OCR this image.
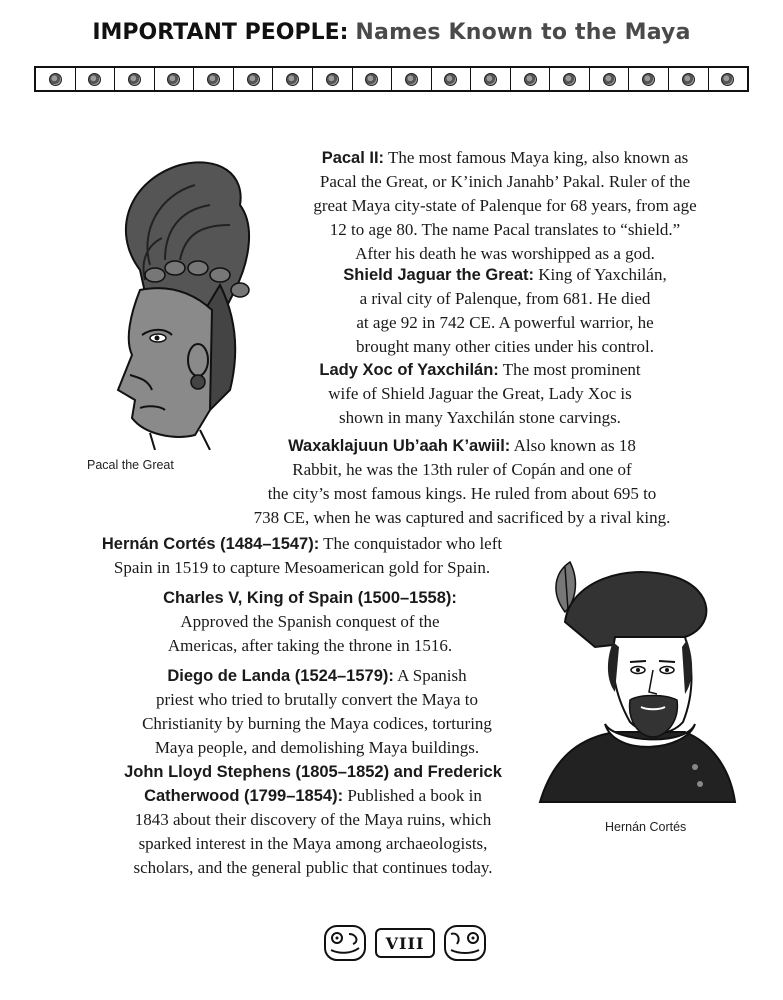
IMPORTANT PEOPLE: Names Known to the Maya
Pacal the Great
Hernán Cortés
Pacal II: The most famous Maya king, also known as
Pacal the Great, or K’inich Janahb’ Pakal. Ruler of the
great Maya city-state of Palenque for 68 years, from age
12 to age 80. The name Pacal translates to “shield.”
After his death he was worshipped as a god.
Shield Jaguar the Great: King of Yaxchilán,
a rival city of Palenque, from 681. He died
at age 92 in 742 CE. A powerful warrior, he
brought many other cities under his control.
Lady Xoc of Yaxchilán: The most prominent
wife of Shield Jaguar the Great, Lady Xoc is
shown in many Yaxchilán stone carvings.
Waxaklajuun Ub’aah K’awiil: Also known as 18
Rabbit, he was the 13th ruler of Copán and one of
the city’s most famous kings. He ruled from about 695 to
738 CE, when he was captured and sacrificed by a rival king.
Hernán Cortés (1484–1547): The conquistador who left
Spain in 1519 to capture Mesoamerican gold for Spain.
Charles V, King of Spain (1500–1558):
Approved the Spanish conquest of the
Americas, after taking the throne in 1516.
Diego de Landa (1524–1579): A Spanish
priest who tried to brutally convert the Maya to
Christianity by burning the Maya codices, torturing
Maya people, and demolishing Maya buildings.
John Lloyd Stephens (1805–1852) and Frederick
Catherwood (1799–1854): Published a book in
1843 about their discovery of the Maya ruins, which
sparked interest in the Maya among archaeologists,
scholars, and the general public that continues today.
VIII
